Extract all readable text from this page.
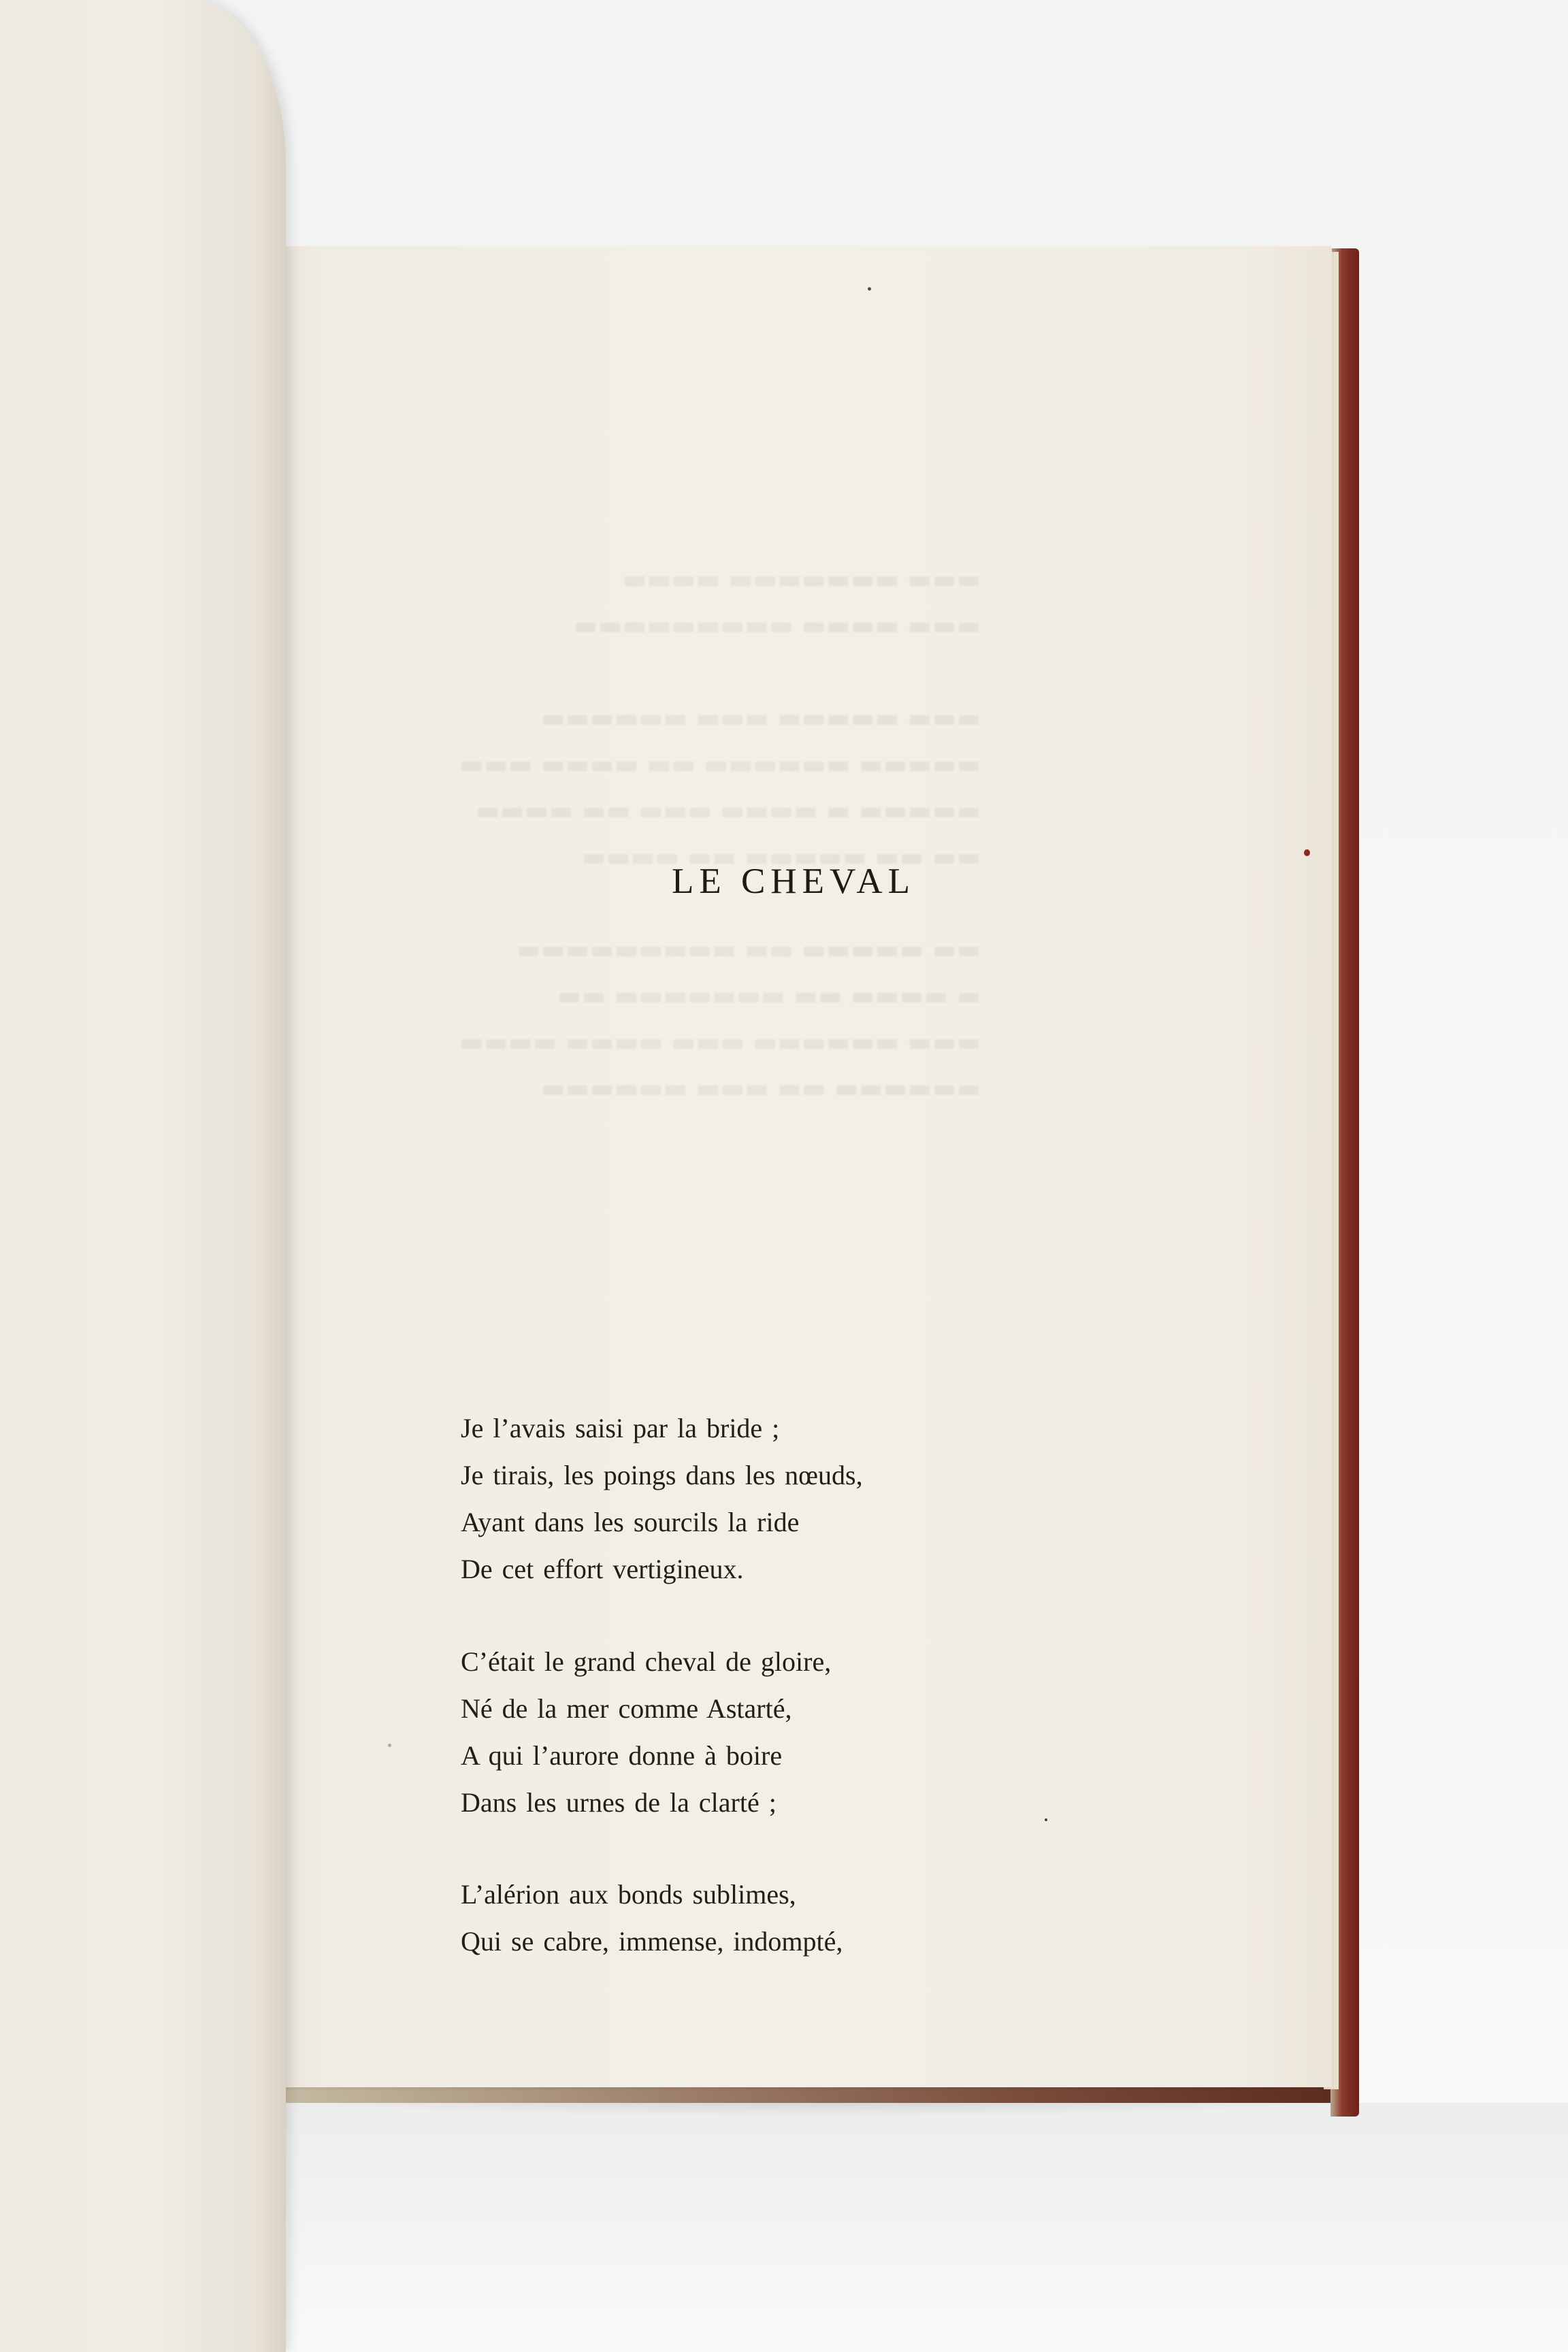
▬▬▬ ▬▬▬▬▬▬▬ ▬▬▬▬
▬▬▬ ▬▬▬▬ ▬▬▬▬▬▬▬▬▬

▬▬▬ ▬▬▬▬▬ ▬▬▬ ▬▬▬▬▬▬
▬▬▬▬▬ ▬▬▬▬▬▬ ▬▬ ▬▬▬▬ ▬▬▬
▬▬▬▬▬ ▬ ▬▬▬▬ ▬▬▬ ▬▬ ▬▬▬▬
▬▬ ▬▬ ▬▬▬▬▬ ▬▬ ▬▬▬▬

▬▬ ▬▬▬▬▬ ▬▬ ▬▬▬▬▬▬▬▬▬
▬ ▬▬▬▬ ▬▬ ▬▬▬▬▬▬▬ ▬▬
▬▬▬ ▬▬▬▬▬▬ ▬▬▬ ▬▬▬▬ ▬▬▬▬
▬▬▬▬▬▬ ▬▬ ▬▬▬ ▬▬▬▬▬▬
LE CHEVAL
Je l’avais saisi par la bride ;
Je tirais, les poings dans les nœuds,
Ayant dans les sourcils la ride
De cet effort vertigineux.
C’était le grand cheval de gloire,
Né de la mer comme Astarté,
A qui l’aurore donne à boire
Dans les urnes de la clarté ;
L’alérion aux bonds sublimes,
Qui se cabre, immense, indompté,
